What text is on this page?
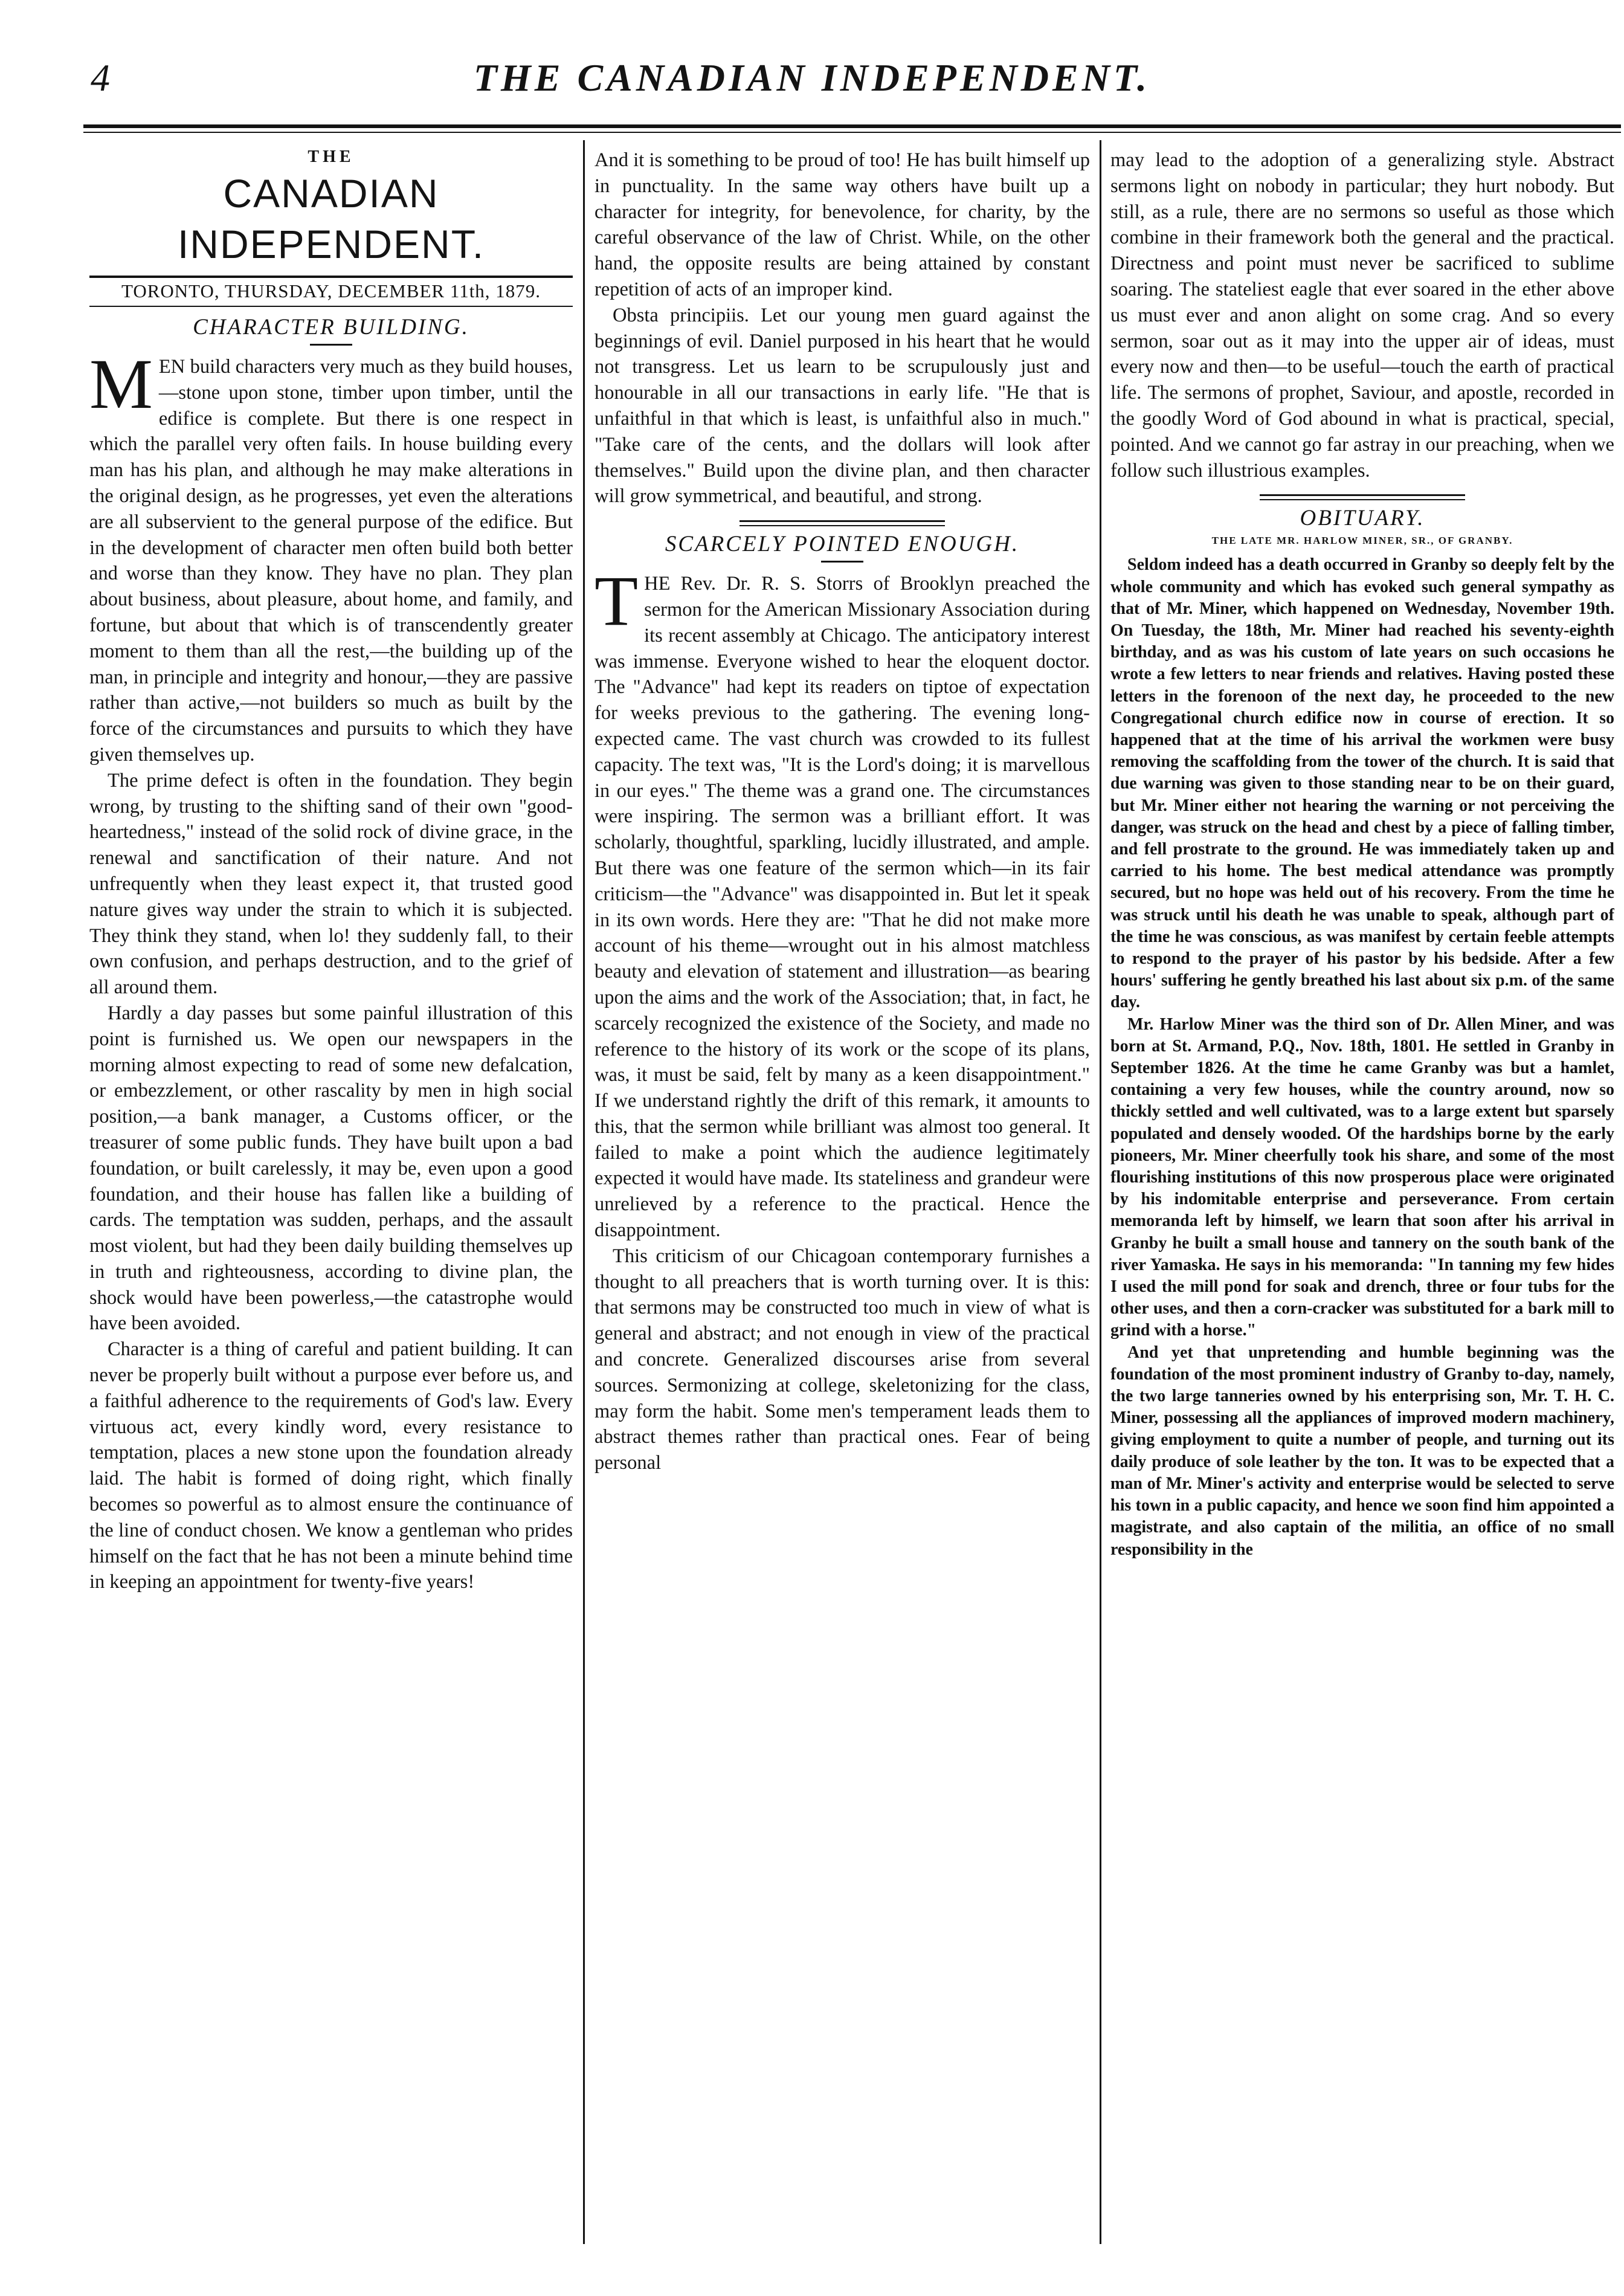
4	THE CANADIAN INDEPENDENT.
THE
CANADIAN INDEPENDENT.
TORONTO, THURSDAY, DECEMBER 11th, 1879.
CHARACTER BUILDING.

MEN build characters very much as they build houses,—stone upon stone, timber upon timber, until the edifice is complete. But there is one respect in which the parallel very often fails. In house building every man has his plan, and although he may make alterations in the original design, as he progresses, yet even the alterations are all subservient to the general purpose of the edifice. But in the development of character men often build both better and worse than they know. They have no plan. They plan about business, about pleasure, about home, and family, and fortune, but about that which is of transcendently greater moment to them than all the rest,—the building up of the man, in principle and integrity and honour,—they are passive rather than active,—not builders so much as built by the force of the circumstances and pursuits to which they have given themselves up.

The prime defect is often in the foundation. They begin wrong, by trusting to the shifting sand of their own "good-heartedness," instead of the solid rock of divine grace, in the renewal and sanctification of their nature. And not unfrequently when they least expect it, that trusted good nature gives way under the strain to which it is subjected. They think they stand, when lo! they suddenly fall, to their own confusion, and perhaps destruction, and to the grief of all around them.

Hardly a day passes but some painful illustration of this point is furnished us. We open our newspapers in the morning almost expecting to read of some new defalcation, or embezzlement, or other rascality by men in high social position,—a bank manager, a Customs officer, or the treasurer of some public funds. They have built upon a bad foundation, or built carelessly, it may be, even upon a good foundation, and their house has fallen like a building of cards. The temptation was sudden, perhaps, and the assault most violent, but had they been daily building themselves up in truth and righteousness, according to divine plan, the shock would have been powerless,—the catastrophe would have been avoided.

Character is a thing of careful and patient building. It can never be properly built without a purpose ever before us, and a faithful adherence to the requirements of God's law. Every virtuous act, every kindly word, every resistance to temptation, places a new stone upon the foundation already laid. The habit is formed of doing right, which finally becomes so powerful as to almost ensure the continuance of the line of conduct chosen. We know a gentleman who prides himself on the fact that he has not been a minute behind time in keeping an appointment for twenty-five years!

And it is something to be proud of too! He has built himself up in punctuality. In the same way others have built up a character for integrity, for benevolence, for charity, by the careful observance of the law of Christ. While, on the other hand, the opposite results are being attained by constant repetition of acts of an improper kind.

Obsta principiis. Let our young men guard against the beginnings of evil. Daniel purposed in his heart that he would not transgress. Let us learn to be scrupulously just and honourable in all our transactions in early life. "He that is unfaithful in that which is least, is unfaithful also in much." "Take care of the cents, and the dollars will look after themselves." Build upon the divine plan, and then character will grow symmetrical, and beautiful, and strong.

SCARCELY POINTED ENOUGH.

THE Rev. Dr. R. S. Storrs of Brooklyn preached the sermon for the American Missionary Association during its recent assembly at Chicago. The anticipatory interest was immense. Everyone wished to hear the eloquent doctor. The "Advance" had kept its readers on tiptoe of expectation for weeks previous to the gathering. The evening long-expected came. The vast church was crowded to its fullest capacity. The text was, "It is the Lord's doing; it is marvellous in our eyes." The theme was a grand one. The circumstances were inspiring. The sermon was a brilliant effort. It was scholarly, thoughtful, sparkling, lucidly illustrated, and ample. But there was one feature of the sermon which—in its fair criticism—the "Advance" was disappointed in. But let it speak in its own words. Here they are: "That he did not make more account of his theme—wrought out in his almost matchless beauty and elevation of statement and illustration—as bearing upon the aims and the work of the Association; that, in fact, he scarcely recognized the existence of the Society, and made no reference to the history of its work or the scope of its plans, was, it must be said, felt by many as a keen disappointment." If we understand rightly the drift of this remark, it amounts to this, that the sermon while brilliant was almost too general. It failed to make a point which the audience legitimately expected it would have made. Its stateliness and grandeur were unrelieved by a reference to the practical. Hence the disappointment.

This criticism of our Chicagoan contemporary furnishes a thought to all preachers that is worth turning over. It is this: that sermons may be constructed too much in view of what is general and abstract; and not enough in view of the practical and concrete. Generalized discourses arise from several sources. Sermonizing at college, skeletonizing for the class, may form the habit. Some men's temperament leads them to abstract themes rather than practical ones. Fear of being personal

may lead to the adoption of a generalizing style. Abstract sermons light on nobody in particular; they hurt nobody. But still, as a rule, there are no sermons so useful as those which combine in their framework both the general and the practical. Directness and point must never be sacrificed to sublime soaring. The stateliest eagle that ever soared in the ether above us must ever and anon alight on some crag. And so every sermon, soar out as it may into the upper air of ideas, must every now and then—to be useful—touch the earth of practical life. The sermons of prophet, Saviour, and apostle, recorded in the goodly Word of God abound in what is practical, special, pointed. And we cannot go far astray in our preaching, when we follow such illustrious examples.

OBITUARY.
THE LATE MR. HARLOW MINER, SR., OF GRANBY.

Seldom indeed has a death occurred in Granby so deeply felt by the whole community and which has evoked such general sympathy as that of Mr. Miner, which happened on Wednesday, November 19th. On Tuesday, the 18th, Mr. Miner had reached his seventy-eighth birthday, and as was his custom of late years on such occasions he wrote a few letters to near friends and relatives. Having posted these letters in the forenoon of the next day, he proceeded to the new Congregational church edifice now in course of erection. It so happened that at the time of his arrival the workmen were busy removing the scaffolding from the tower of the church. It is said that due warning was given to those standing near to be on their guard, but Mr. Miner either not hearing the warning or not perceiving the danger, was struck on the head and chest by a piece of falling timber, and fell prostrate to the ground. He was immediately taken up and carried to his home. The best medical attendance was promptly secured, but no hope was held out of his recovery. From the time he was struck until his death he was unable to speak, although part of the time he was conscious, as was manifest by certain feeble attempts to respond to the prayer of his pastor by his bedside. After a few hours' suffering he gently breathed his last about six p.m. of the same day.

Mr. Harlow Miner was the third son of Dr. Allen Miner, and was born at St. Armand, P.Q., Nov. 18th, 1801. He settled in Granby in September 1826. At the time he came Granby was but a hamlet, containing a very few houses, while the country around, now so thickly settled and well cultivated, was to a large extent but sparsely populated and densely wooded. Of the hardships borne by the early pioneers, Mr. Miner cheerfully took his share, and some of the most flourishing institutions of this now prosperous place were originated by his indomitable enterprise and perseverance. From certain memoranda left by himself, we learn that soon after his arrival in Granby he built a small house and tannery on the south bank of the river Yamaska. He says in his memoranda: "In tanning my few hides I used the mill pond for soak and drench, three or four tubs for the other uses, and then a corn-cracker was substituted for a bark mill to grind with a horse."

And yet that unpretending and humble beginning was the foundation of the most prominent industry of Granby to-day, namely, the two large tanneries owned by his enterprising son, Mr. T. H. C. Miner, possessing all the appliances of improved modern machinery, giving employment to quite a number of people, and turning out its daily produce of sole leather by the ton. It was to be expected that a man of Mr. Miner's activity and enterprise would be selected to serve his town in a public capacity, and hence we soon find him appointed a magistrate, and also captain of the militia, an office of no small responsibility in the
